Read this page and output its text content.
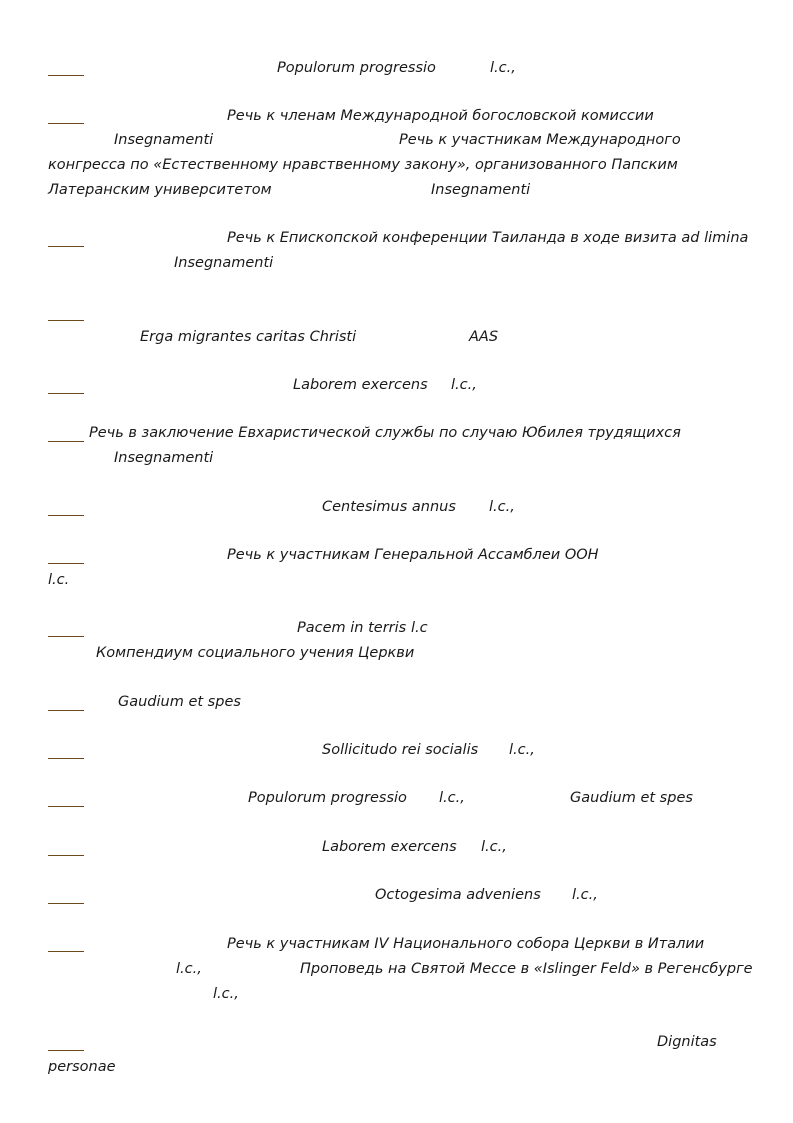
Populorum progressio	l.c.,
Речь к членам Международной богословской комиссии
Insegnamenti	Речь к участникам Международного
конгресса по «Естественному нравственному закону», организованного Папским
Латеранским университетом	Insegnamenti
Речь к Епископской конференции Таиланда в ходе визита ad limina
Insegnamenti
Erga migrantes caritas Christi	AAS
Laborem exercens l.c.,
Речь в заключение Евхаристической службы по случаю Юбилея трудящихся
Insegnamenti
Centesimus annus l.c.,
Речь к участникам Генеральной Ассамблеи ООН
l.c.
Pacem in terris l.c
Компендиум социального учения Церкви
Gaudium et spes
Sollicitudo rei socialis l.c.,
Populorum progressio l.c.,	Gaudium et spes
Laborem exercens l.c.,
Octogesima adveniens l.c.,
Речь к участникам IV Национального собора Церкви в Италии
l.c.,	Проповедь на Святой Мессе в «Islinger Feld» в Регенсбурге
l.c.,
Dignitas
personae
